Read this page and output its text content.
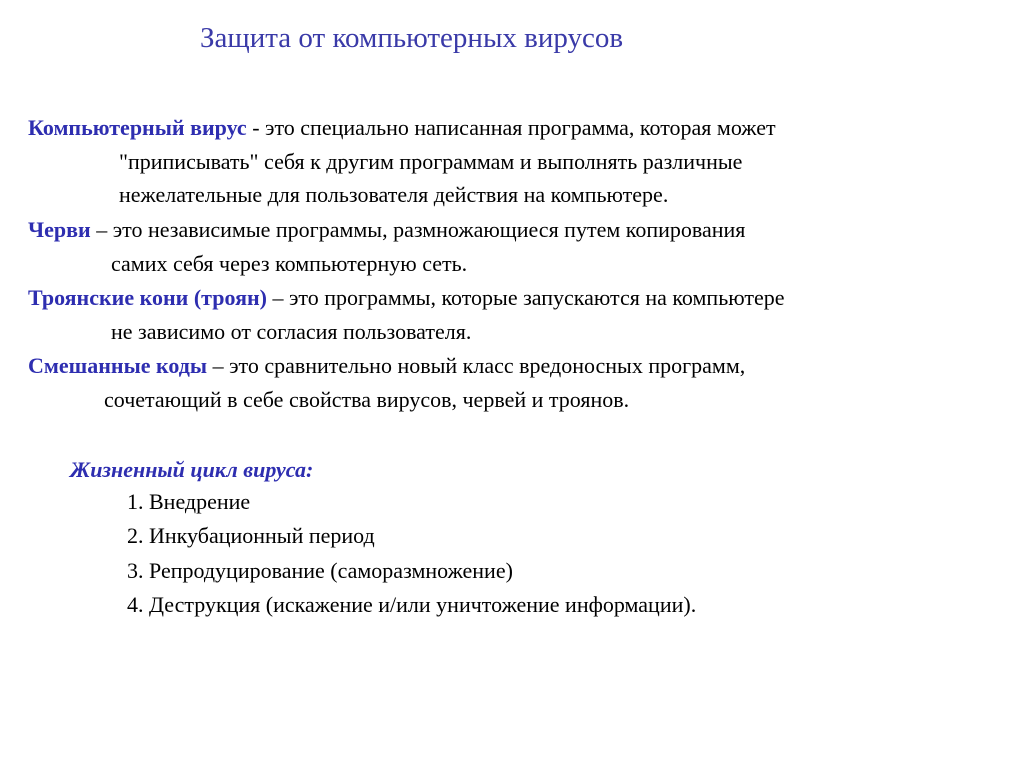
Защита от компьютерных вирусов
Компьютерный вирус - это специально написанная программа, которая может
"приписывать" себя к другим программам и выполнять различные
нежелательные для пользователя действия на компьютере.
Черви – это независимые программы, размножающиеся путем копирования
самих себя через компьютерную сеть.
Троянские кони (троян) – это программы, которые запускаются на компьютере
не зависимо от согласия пользователя.
Смешанные коды – это сравнительно новый класс вредоносных программ,
сочетающий в себе свойства вирусов, червей и троянов.
Жизненный цикл вируса:
1. Внедрение
2. Инкубационный период
3. Репродуцирование (саморазмножение)
4. Деструкция (искажение и/или уничтожение информации).
